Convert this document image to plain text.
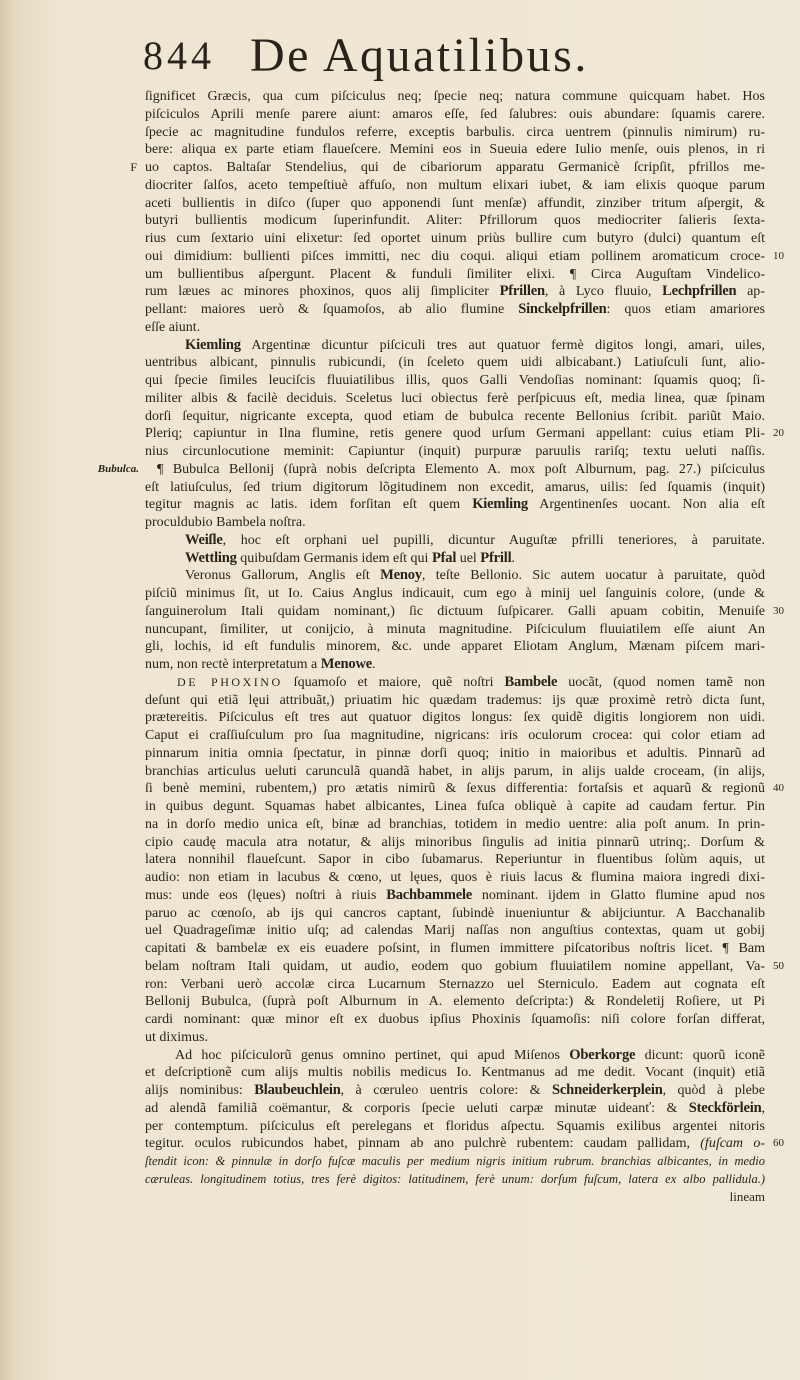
844 De Aquatilibus.
ſignificet Græcis, qua cum piſciculus neq; ſpecie neq; natura commune quicquam habet. Hos
piſciculos Aprili menſe parere aiunt: amaros eſſe, ſed ſalubres: ouis abundare: ſquamis carere.
ſpecie ac magnitudine fundulos referre, exceptis barbulis. circa uentrem (pinnulis nimirum) ru-
bere: aliqua ex parte etiam flaueſcere. Memini eos in Sueuia edere Iulio menſe, ouis plenos, in ri
F uo captos. Baltaſar Stendelius, qui de cibariorum apparatu Germanicè ſcripſit, pfrillos me-
diocriter ſalſos, aceto tempeſtiuè affuſo, non multum elixari iubet, & iam elixis quoque parum
aceti bullientis in diſco (ſuper quo apponendi ſunt menſæ) affundit, zinziber tritum aſpergit, &
butyri bullientis modicum ſuperinfundit. Aliter: Pfrillorum quos mediocriter ſalieris ſexta-
rius cum ſextario uini elixetur: ſed oportet uinum priùs bullire cum butyro (dulci) quantum eſt
10
oui dimidium: bullienti piſces immitti, nec diu coqui. aliqui etiam pollinem aromaticum croce-
um bullientibus aſpergunt. Placent & funduli ſimiliter elixi. ¶ Circa Auguſtam Vindelico-
rum læues ac minores phoxinos, quos alij ſimpliciter Pfrillen, à Lyco fluuio, Lechpfrillen ap-
pellant: maiores uerò & ſquamoſos, ab alio flumine Sinckelpfrillen: quos etiam amariores
eſſe aiunt.
Kiemling Argentinæ dicuntur piſciculi tres aut quatuor fermè digitos longi, amari, uiles,
uentribus albicant, pinnulis rubicundi, (in ſceleto quem uidi albicabant.) Latiuſculi ſunt, alio-
qui ſpecie ſimiles leuciſcis fluuiatilibus illis, quos Galli Vendoſias nominant: ſquamis quoq; ſi-
militer albis & facilè deciduis. Sceletus luci obiectus ferè perſpicuus eſt, media linea, quæ ſpinam
dorſi ſequitur, nigricante excepta, quod etiam de bubulca recente Bellonius ſcribit. pariũt Maio.
20
Pleriq; capiuntur in Ilna flumine, retis genere quod urſum Germani appellant: cuius etiam Pli-
nius circunlocutione meminit: Capiuntur (inquit) purpuræ paruulis rariſq; textu ueluti naſſis.
Bubulca.	¶ Bubulca Bellonij (ſuprà nobis deſcripta Elemento A. mox poſt Alburnum, pag. 27.) piſciculus
eſt latiuſculus, ſed trium digitorum lõgitudinem non excedit, amarus, uilis: ſed ſquamis (inquit)
tegitur magnis ac latis. idem forſitan eſt quem Kiemling Argentinenſes uocant. Non alia eſt
proculdubio Bambela noſtra.
Weiſle, hoc eſt orphani uel pupilli, dicuntur Auguſtæ pfrilli teneriores, à paruitate.
Wettling quibuſdam Germanis idem eſt qui Pfal uel Pfrill.
Veronus Gallorum, Anglis eſt Menoy, teſte Bellonio. Sic autem uocatur à paruitate, quòd
piſciũ minimus ſit, ut Io. Caius Anglus indicauit, cum ego à minij uel ſanguinis colore, (unde &
30
ſanguinerolum Itali quidam nominant,) ſic dictuum ſuſpicarer. Galli apuam cobitin, Menuiſe
nuncupant, ſimiliter, ut conijcio, à minuta magnitudine. Piſciculum fluuiatilem eſſe aiunt An
gli, lochis, id eſt fundulis minorem, &c. unde apparet Eliotam Anglum, Mænam piſcem mari-
num, non rectè interpretatum a Menowe.
DE PHOXINO ſquamoſo et maiore, quẽ noſtri Bambele uocãt, (quod nomen tamẽ non
deſunt qui etiã lęui attribuãt,) priuatim hic quædam trademus: ijs quæ proximè retrò dicta ſunt,
prætereitis. Piſciculus eſt tres aut quatuor digitos longus: ſex quidẽ digitis longiorem non uidi.
Caput ei craſſiuſculum pro ſua magnitudine, nigricans: iris oculorum crocea: qui color etiam ad
pinnarum initia omnia ſpectatur, in pinnæ dorſi quoq; initio in maioribus et adultis. Pinnarũ ad
branchias articulus ueluti carunculã quandã habet, in alijs parum, in alijs ualde croceam, (in alijs,
40
ſi benè memini, rubentem,) pro ætatis nimirũ & ſexus differentia: fortaſsis et aquarũ & regionũ
in quibus degunt. Squamas habet albicantes, Linea fuſca obliquè à capite ad caudam fertur. Pin
na in dorſo medio unica eſt, binæ ad branchias, totidem in medio uentre: alia poſt anum. In prin-
cipio caudę macula atra notatur, & alijs minoribus ſingulis ad initia pinnarũ utrinq;. Dorſum &
latera nonnihil flaueſcunt. Sapor in cibo ſubamarus. Reperiuntur in fluentibus ſolùm aquis, ut
audio: non etiam in lacubus & cœno, ut lęues, quos è riuis lacus & flumina maiora ingredi dixi-
mus: unde eos (lęues) noſtri à riuis Bachbammele nominant. ijdem in Glatto flumine apud nos
paruo ac cœnoſo, ab ijs qui cancros captant, ſubindè inueniuntur & abijciuntur. A Bacchanalib
uel Quadrageſimæ initio uſq; ad calendas Marij naſſas non anguſtius contextas, quam ut gobij
capitati & bambelæ ex eis euadere poſsint, in flumen immittere piſcatoribus noſtris licet. ¶ Bam
50
belam noſtram Itali quidam, ut audio, eodem quo gobium fluuiatilem nomine appellant, Va-
ron: Verbani uerò accolæ circa Lucarnum Sternazzo uel Sterniculo. Eadem aut cognata eſt
Bellonij Bubulca, (ſuprà poſt Alburnum in A. elemento deſcripta:) & Rondeletij Roſiere, ut Pi
cardi nominant: quæ minor eſt ex duobus ipſius Phoxinis ſquamoſis: niſi colore forſan differat,
ut diximus.
Ad hoc piſciculorũ genus omnino pertinet, qui apud Miſenos Oberkorge dicunt: quorũ iconẽ
et deſcriptionẽ cum alijs multis nobilis medicus Io. Kentmanus ad me dedit. Vocant (inquit) etiã
alijs nominibus: Blaubeuchlein, à cœruleo uentris colore: & Schneiderkerplein, quòd à plebe
ad alendã familiã coëmantur, & corporis ſpecie ueluti carpæ minutæ uideanť: & Steckförlein,
per contemptum. piſciculus eſt perelegans et floridus aſpectu. Squamis exilibus argentei nitoris
60
tegitur. oculos rubicundos habet, pinnam ab ano pulchrè rubentem: caudam pallidam, (fuſcam o-
ſtendit icon: & pinnulæ in dorſo fuſcæ maculis per medium nigris initium rubrum. branchias albicantes, in medio
cæruleas. longitudinem totius, tres ferè digitos: latitudinem, ferè unum: dorſum fuſcum, latera ex albo pallidula.)
lineam
